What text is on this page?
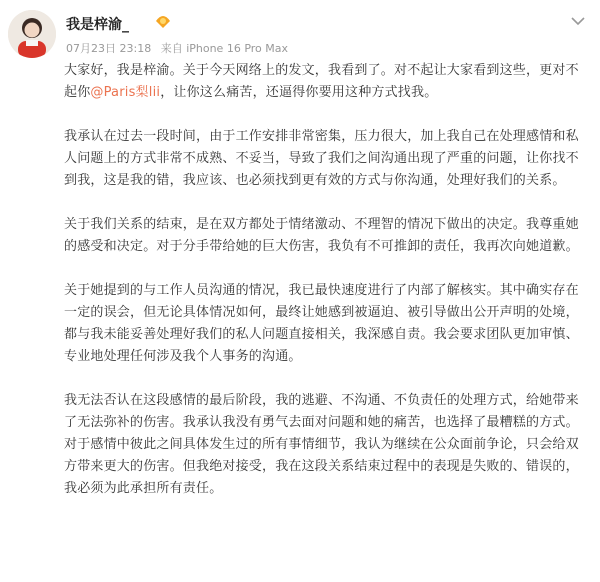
我是梓渝_
07月23日 23:18 来自 iPhone 16 Pro Max

大家好，我是梓渝。关于今天网络上的发文，我看到了。对不起让大家看到这些，更对不起你@Paris梨lii，让你这么痛苦，还逼得你要用这种方式找我。

我承认在过去一段时间，由于工作安排非常密集，压力很大，加上我自己在处理感情和私人问题上的方式非常不成熟、不妥当，导致了我们之间沟通出现了严重的问题，让你找不到我，这是我的错，我应该、也必须找到更有效的方式与你沟通，处理好我们的关系。

关于我们关系的结束，是在双方都处于情绪激动、不理智的情况下做出的决定。我尊重她的感受和决定。对于分手带给她的巨大伤害，我负有不可推卸的责任，我再次向她道歉。

关于她提到的与工作人员沟通的情况，我已最快速度进行了内部了解核实。其中确实存在一定的误会，但无论具体情况如何，最终让她感到被逼迫、被引导做出公开声明的处境，都与我未能妥善处理好我们的私人问题直接相关，我深感自责。我会要求团队更加审慎、专业地处理任何涉及我个人事务的沟通。

我无法否认在这段感情的最后阶段，我的逃避、不沟通、不负责任的处理方式，给她带来了无法弥补的伤害。我承认我没有勇气去面对问题和她的痛苦，也选择了最糟糕的方式。对于感情中彼此之间具体发生过的所有事情细节，我认为继续在公众面前争论，只会给双方带来更大的伤害。但我绝对接受，我在这段关系结束过程中的表现是失败的、错误的，我必须为此承担所有责任。
